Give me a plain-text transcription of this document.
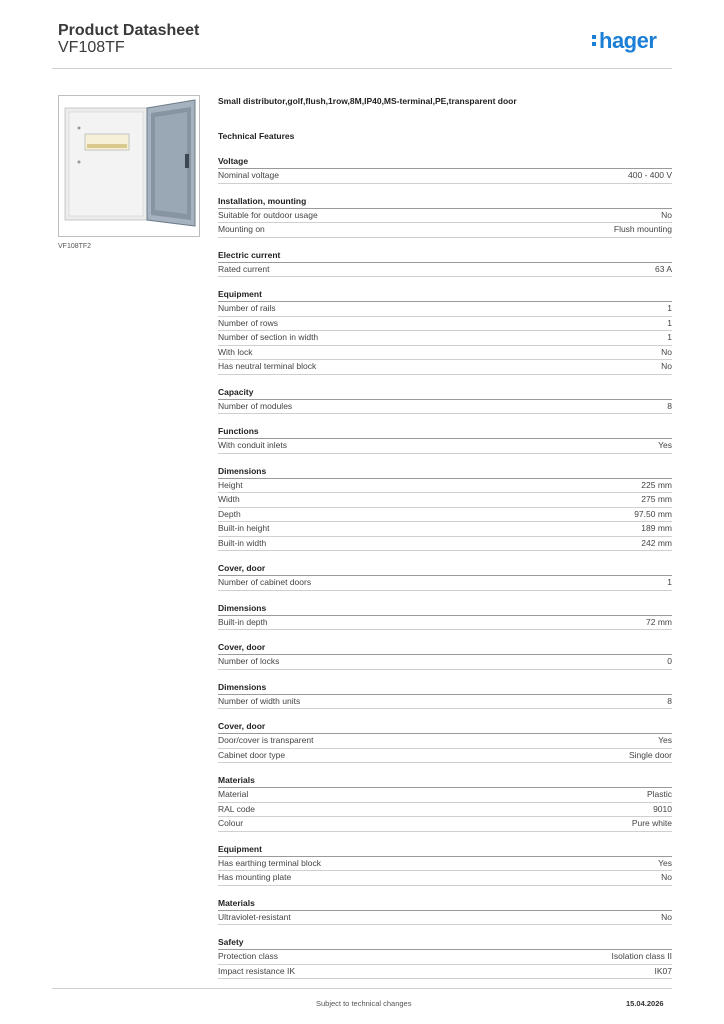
Product Datasheet
VF108TF	hager
VF108TF2
Small distributor,golf,flush,1row,8M,IP40,MS-terminal,PE,transparent door
Technical Features
Voltage
Nominal voltage	400 - 400 V
Installation, mounting
Suitable for outdoor usage	No
Mounting on	Flush mounting
Electric current
Rated current	63 A
Equipment
Number of rails	1
Number of rows	1
Number of section in width	1
With lock	No
Has neutral terminal block	No
Capacity
Number of modules	8
Functions
With conduit inlets	Yes
Dimensions
Height	225 mm
Width	275 mm
Depth	97.50 mm
Built-in height	189 mm
Built-in width	242 mm
Cover, door
Number of cabinet doors	1
Dimensions
Built-in depth	72 mm
Cover, door
Number of locks	0
Dimensions
Number of width units	8
Cover, door
Door/cover is transparent	Yes
Cabinet door type	Single door
Materials
Material	Plastic
RAL code	9010
Colour	Pure white
Equipment
Has earthing terminal block	Yes
Has mounting plate	No
Materials
Ultraviolet-resistant	No
Safety
Protection class	Isolation class II
Impact resistance IK	IK07
Subject to technical changes	15.04.2026
